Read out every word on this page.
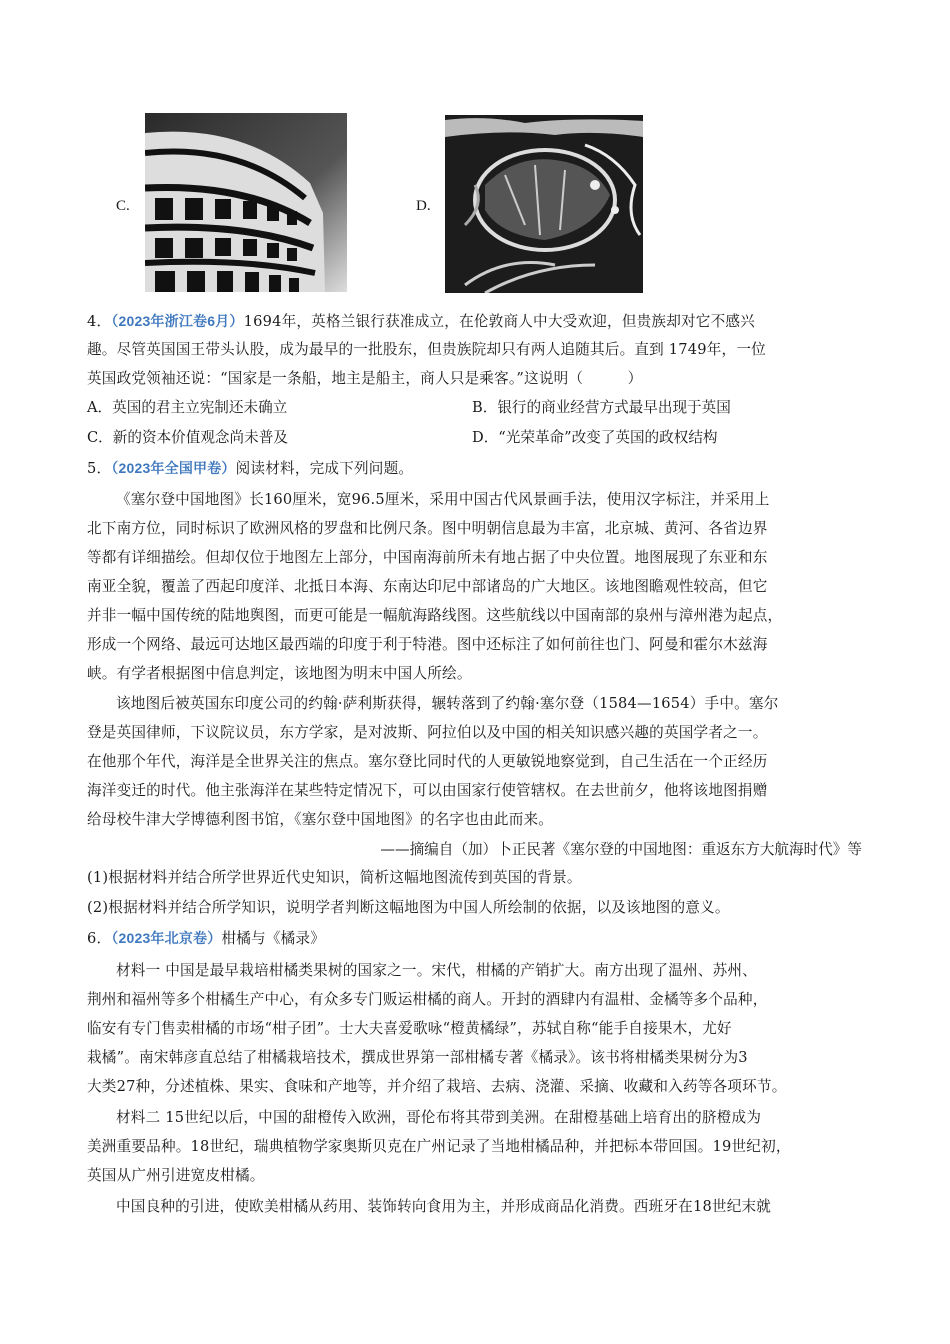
C.	D.
4．（2023年浙江卷6月）1694年，英格兰银行获准成立，在伦敦商人中大受欢迎，但贵族却对它不感兴
趣。尽管英国国王带头认股，成为最早的一批股东，但贵族院却只有两人追随其后。直到 1749年，一位
英国政党领袖还说：“国家是一条船，地主是船主，商人只是乘客。”这说明（　　　）
A．英国的君主立宪制还未确立	B．银行的商业经营方式最早出现于英国
C．新的资本价值观念尚未普及	D．“光荣革命”改变了英国的政权结构
5．（2023年全国甲卷）阅读材料，完成下列问题。
《塞尔登中国地图》长160厘米，宽96.5厘米，采用中国古代风景画手法，使用汉字标注，并采用上
北下南方位，同时标识了欧洲风格的罗盘和比例尺条。图中明朝信息最为丰富，北京城、黄河、各省边界
等都有详细描绘。但却仅位于地图左上部分，中国南海前所未有地占据了中央位置。地图展现了东亚和东
南亚全貌，覆盖了西起印度洋、北抵日本海、东南达印尼中部诸岛的广大地区。该地图瞻观性较高，但它
并非一幅中国传统的陆地舆图，而更可能是一幅航海路线图。这些航线以中国南部的泉州与漳州港为起点，
形成一个网络、最远可达地区最西端的印度于利于特港。图中还标注了如何前往也门、阿曼和霍尔木兹海
峡。有学者根据图中信息判定，该地图为明末中国人所绘。
该地图后被英国东印度公司的约翰·萨利斯获得，辗转落到了约翰·塞尔登（1584—1654）手中。塞尔
登是英国律师，下议院议员，东方学家，是对波斯、阿拉伯以及中国的相关知识感兴趣的英国学者之一。
在他那个年代，海洋是全世界关注的焦点。塞尔登比同时代的人更敏锐地察觉到，自己生活在一个正经历
海洋变迁的时代。他主张海洋在某些特定情况下，可以由国家行使管辖权。在去世前夕，他将该地图捐赠
给母校牛津大学博德利图书馆，《塞尔登中国地图》的名字也由此而来。
——摘编自（加）卜正民著《塞尔登的中国地图：重返东方大航海时代》等
(1)根据材料并结合所学世界近代史知识，简析这幅地图流传到英国的背景。
(2)根据材料并结合所学知识，说明学者判断这幅地图为中国人所绘制的依据，以及该地图的意义。
6．（2023年北京卷）柑橘与《橘录》
材料一 中国是最早栽培柑橘类果树的国家之一。宋代，柑橘的产销扩大。南方出现了温州、苏州、
荆州和福州等多个柑橘生产中心，有众多专门贩运柑橘的商人。开封的酒肆内有温柑、金橘等多个品种，
临安有专门售卖柑橘的市场“柑子团”。士大夫喜爱歌咏“橙黄橘绿”，苏轼自称“能手自接果木，尤好
栽橘”。南宋韩彦直总结了柑橘栽培技术，撰成世界第一部柑橘专著《橘录》。该书将柑橘类果树分为3
大类27种，分述植株、果实、食味和产地等，并介绍了栽培、去病、浇灌、采摘、收藏和入药等各项环节。
材料二 15世纪以后，中国的甜橙传入欧洲，哥伦布将其带到美洲。在甜橙基础上培育出的脐橙成为
美洲重要品种。18世纪，瑞典植物学家奥斯贝克在广州记录了当地柑橘品种，并把标本带回国。19世纪初，
英国从广州引进宽皮柑橘。
中国良种的引进，使欧美柑橘从药用、装饰转向食用为主，并形成商品化消费。西班牙在18世纪末就
